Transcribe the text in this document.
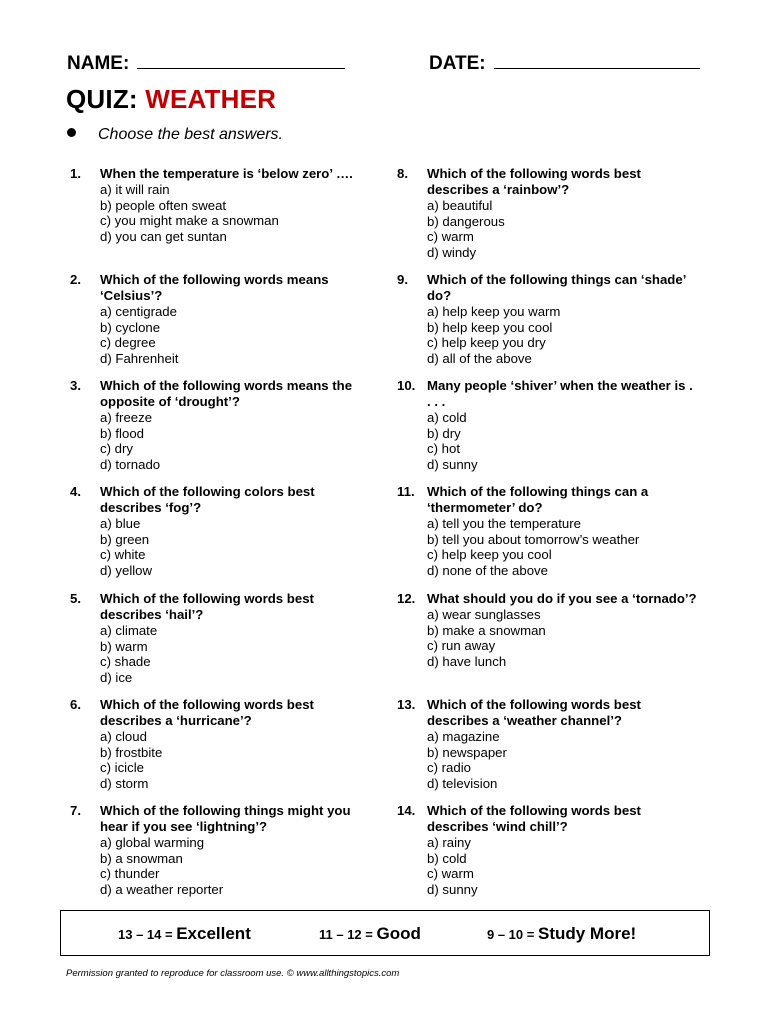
NAME:	DATE:
QUIZ: WEATHER
Choose the best answers.
1. When the temperature is ‘below zero’ ….
a) it will rain
b) people often sweat
c) you might make a snowman
d) you can get suntan
2. Which of the following words means ‘Celsius’?
a) centigrade
b) cyclone
c) degree
d) Fahrenheit
3. Which of the following words means the opposite of ‘drought’?
a) freeze
b) flood
c) dry
d) tornado
4. Which of the following colors best describes ‘fog’?
a) blue
b) green
c) white
d) yellow
5. Which of the following words best describes ‘hail’?
a) climate
b) warm
c) shade
d) ice
6. Which of the following words best describes a ‘hurricane’?
a) cloud
b) frostbite
c) icicle
d) storm
7. Which of the following things might you hear if you see ‘lightning’?
a) global warming
b) a snowman
c) thunder
d) a weather reporter
8. Which of the following words best describes a ‘rainbow’?
a) beautiful
b) dangerous
c) warm
d) windy
9. Which of the following things can ‘shade’ do?
a) help keep you warm
b) help keep you cool
c) help keep you dry
d) all of the above
10. Many people ‘shiver’ when the weather is . . . .
a) cold
b) dry
c) hot
d) sunny
11. Which of the following things can a ‘thermometer’ do?
a) tell you the temperature
b) tell you about tomorrow’s weather
c) help keep you cool
d) none of the above
12. What should you do if you see a ‘tornado’?
a) wear sunglasses
b) make a snowman
c) run away
d) have lunch
13. Which of the following words best describes a ‘weather channel’?
a) magazine
b) newspaper
c) radio
d) television
14. Which of the following words best describes ‘wind chill’?
a) rainy
b) cold
c) warm
d) sunny
13 – 14 = Excellent	11 – 12 = Good	9 – 10 = Study More!
Permission granted to reproduce for classroom use. © www.allthingstopics.com
